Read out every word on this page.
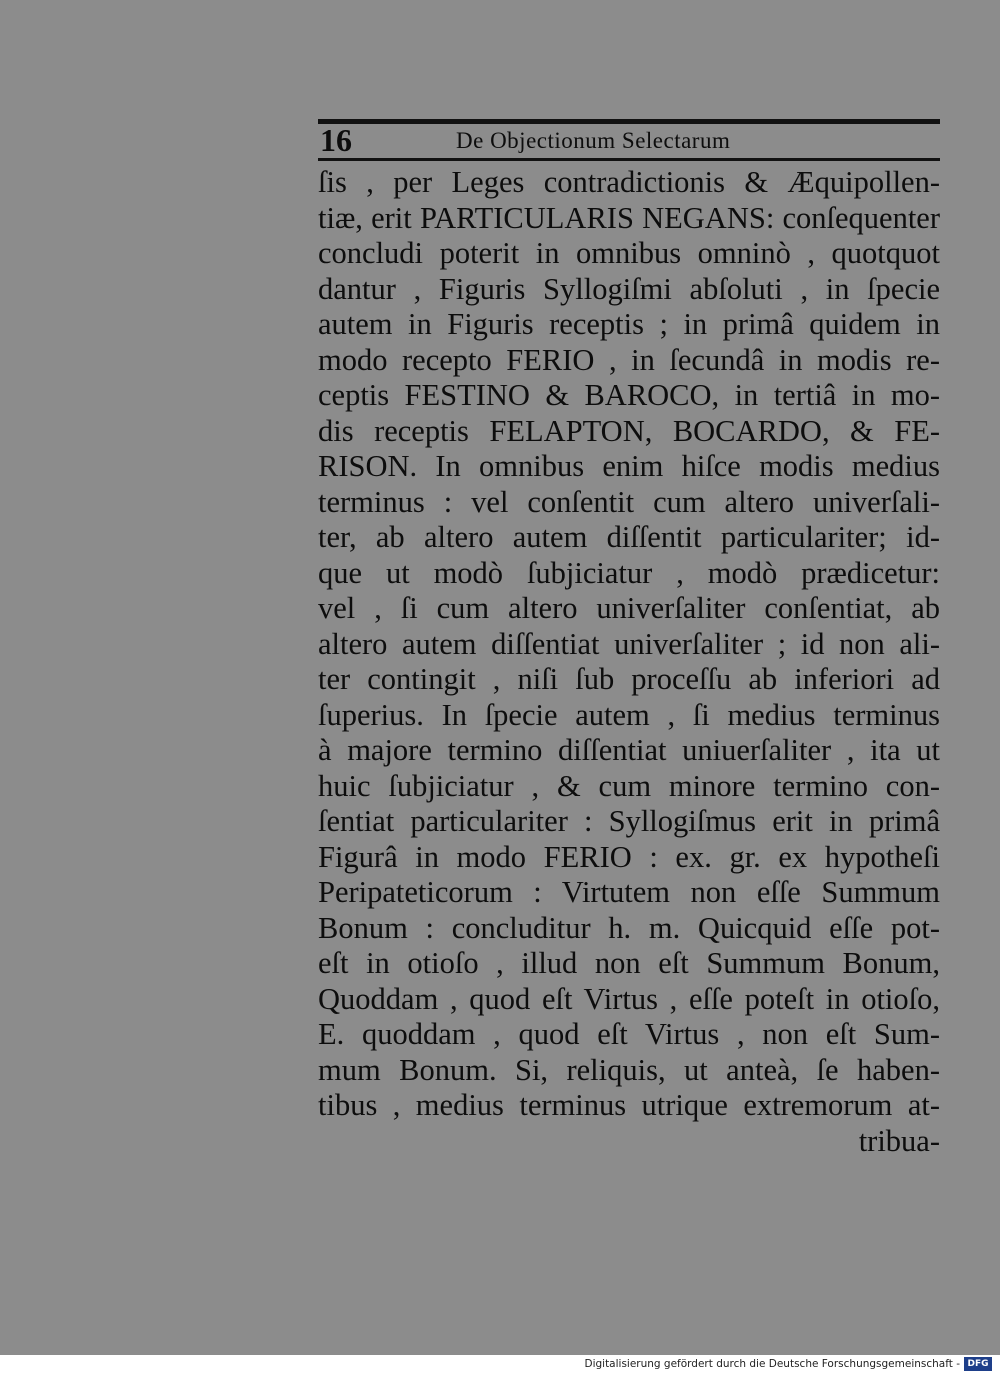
16	De Objectionum Selectarum
ſis , per Leges contradictionis & Æquipollen-
tiæ, erit PARTICULARIS NEGANS: conſequenter
concludi poterit in omnibus omninò , quotquot
dantur , Figuris Syllogiſmi abſoluti , in ſpecie
autem in Figuris receptis ; in primâ quidem in
modo recepto FERIO , in ſecundâ in modis re-
ceptis FESTINO & BAROCO, in tertiâ in mo-
dis receptis FELAPTON, BOCARDO, & FE-
RISON. In omnibus enim hiſce modis medius
terminus : vel conſentit cum altero univerſali-
ter, ab altero autem diſſentit particulariter; id-
que ut modò ſubjiciatur , modò prædicetur:
vel , ſi cum altero univerſaliter conſentiat, ab
altero autem diſſentiat univerſaliter ; id non ali-
ter contingit , niſi ſub proceſſu ab inferiori ad
ſuperius. In ſpecie autem , ſi medius terminus
à majore termino diſſentiat uniuerſaliter , ita ut
huic ſubjiciatur , & cum minore termino con-
ſentiat particulariter : Syllogiſmus erit in primâ
Figurâ in modo FERIO : ex. gr. ex hypotheſi
Peripateticorum : Virtutem non eſſe Summum
Bonum : concluditur h. m. Quicquid eſſe pot-
eſt in otioſo , illud non eſt Summum Bonum,
Quoddam , quod eſt Virtus , eſſe poteſt in otioſo,
E. quoddam , quod eſt Virtus , non eſt Sum-
mum Bonum. Si, reliquis, ut anteà, ſe haben-
tibus , medius terminus utrique extremorum at-
tribua-
Digitalisierung gefördert durch die Deutsche Forschungsgemeinschaft - DFG
